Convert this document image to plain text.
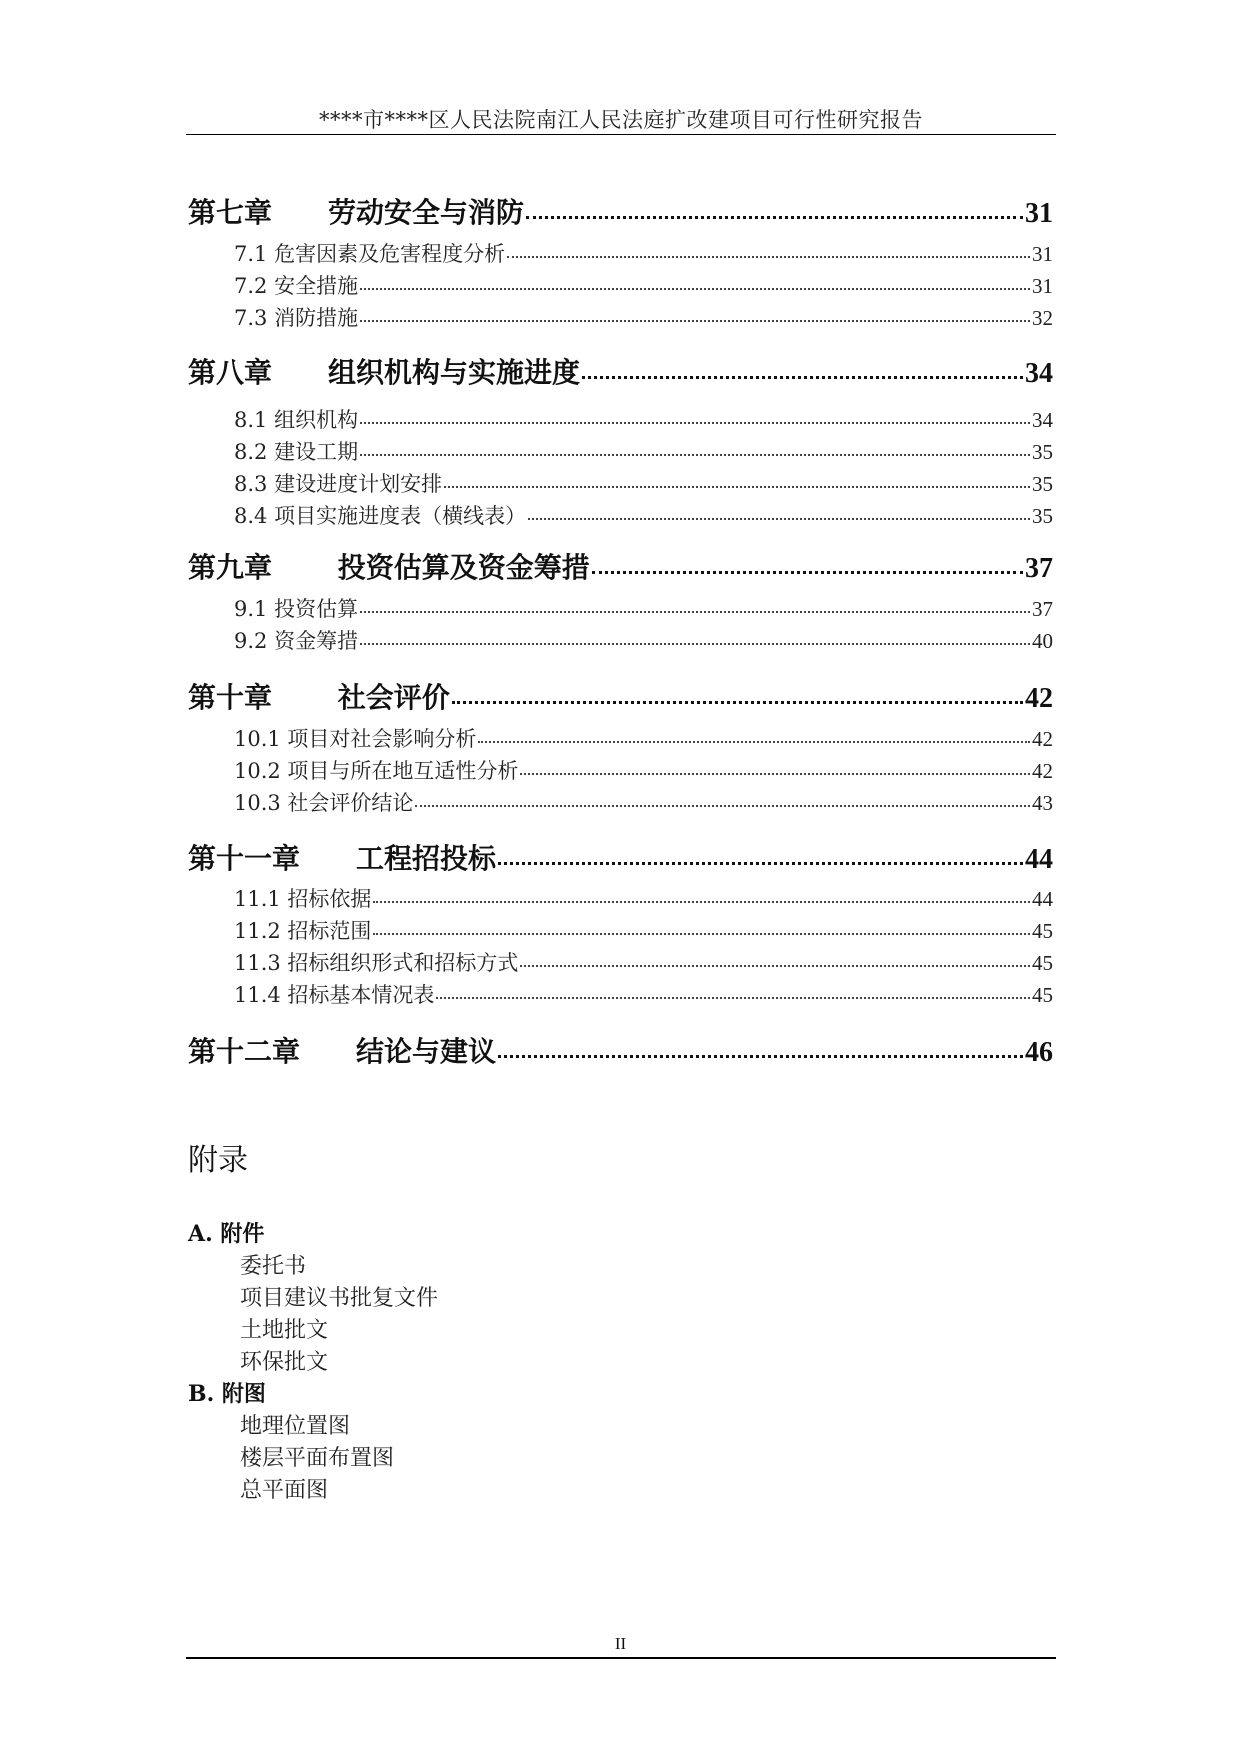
****市****区人民法院南江人民法庭扩改建项目可行性研究报告
第七章　　劳动安全与消防	31
7.1 危害因素及危害程度分析	31
7.2 安全措施	31
7.3 消防措施	32
第八章　　组织机构与实施进度	34
8.1 组织机构	34
8.2 建设工期	35
8.3 建设进度计划安排	35
8.4 项目实施进度表（横线表）	35
第九章　　 投资估算及资金筹措	37
9.1 投资估算	37
9.2 资金筹措	40
第十章　　 社会评价	42
10.1 项目对社会影响分析	42
10.2 项目与所在地互适性分析	42
10.3 社会评价结论	43
第十一章　　工程招投标	44
11.1 招标依据	44
11.2 招标范围	45
11.3 招标组织形式和招标方式	45
11.4 招标基本情况表	45
第十二章　　结论与建议	46
附录
A. 附件
委托书
项目建议书批复文件
土地批文
环保批文
B. 附图
地理位置图
楼层平面布置图
总平面图
II
